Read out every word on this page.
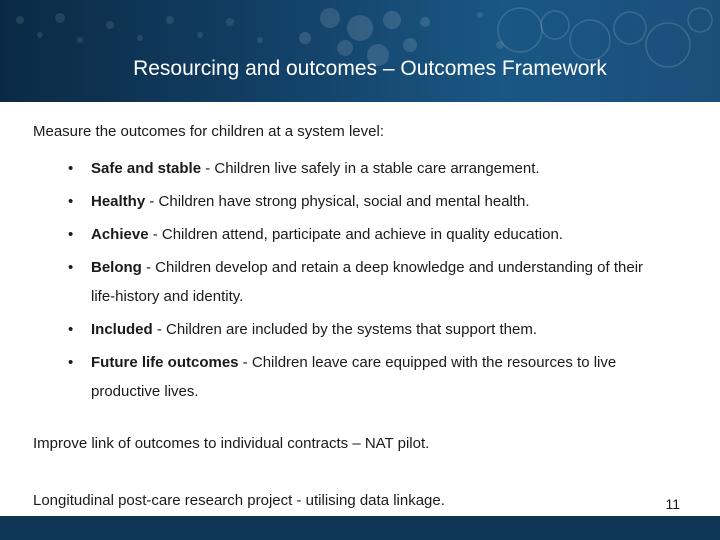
Resourcing and outcomes – Outcomes Framework
Measure the outcomes for children at a system level:
• Safe and stable - Children live safely in a stable care arrangement.
• Healthy - Children have strong physical, social and mental health.
• Achieve - Children attend, participate and achieve in quality education.
• Belong - Children develop and retain a deep knowledge and understanding of their life-history and identity.
• Included - Children are included by the systems that support them.
• Future life outcomes - Children leave care equipped with the resources to live productive lives.
Improve link of outcomes to individual contracts – NAT pilot.
Longitudinal post-care research project - utilising data linkage.	11
